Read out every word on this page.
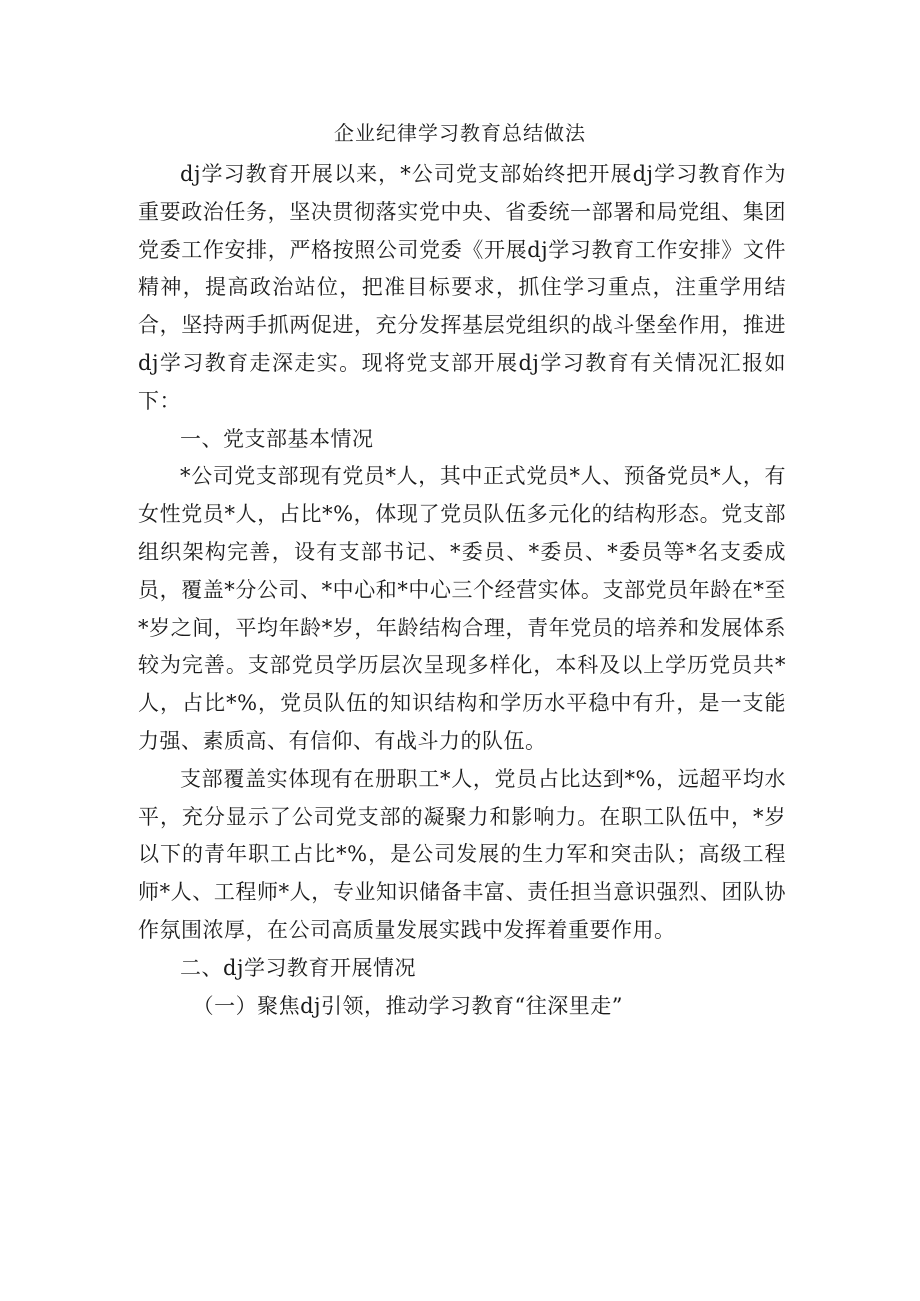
企业纪律学习教育总结做法

dj学习教育开展以来，*公司党支部始终把开展dj学习教育作为重要政治任务，坚决贯彻落实党中央、省委统一部署和局党组、集团党委工作安排，严格按照公司党委《开展dj学习教育工作安排》文件精神，提高政治站位，把准目标要求，抓住学习重点，注重学用结合，坚持两手抓两促进，充分发挥基层党组织的战斗堡垒作用，推进dj学习教育走深走实。现将党支部开展dj学习教育有关情况汇报如下：

一、党支部基本情况

*公司党支部现有党员*人，其中正式党员*人、预备党员*人，有女性党员*人，占比*%，体现了党员队伍多元化的结构形态。党支部组织架构完善，设有支部书记、*委员、*委员、*委员等*名支委成员，覆盖*分公司、*中心和*中心三个经营实体。支部党员年龄在*至*岁之间，平均年龄*岁，年龄结构合理，青年党员的培养和发展体系较为完善。支部党员学历层次呈现多样化，本科及以上学历党员共*人，占比*%，党员队伍的知识结构和学历水平稳中有升，是一支能力强、素质高、有信仰、有战斗力的队伍。

支部覆盖实体现有在册职工*人，党员占比达到*%，远超平均水平，充分显示了公司党支部的凝聚力和影响力。在职工队伍中，*岁以下的青年职工占比*%，是公司发展的生力军和突击队；高级工程师*人、工程师*人，专业知识储备丰富、责任担当意识强烈、团队协作氛围浓厚，在公司高质量发展实践中发挥着重要作用。

二、dj学习教育开展情况

（一）聚焦dj引领，推动学习教育“往深里走”
